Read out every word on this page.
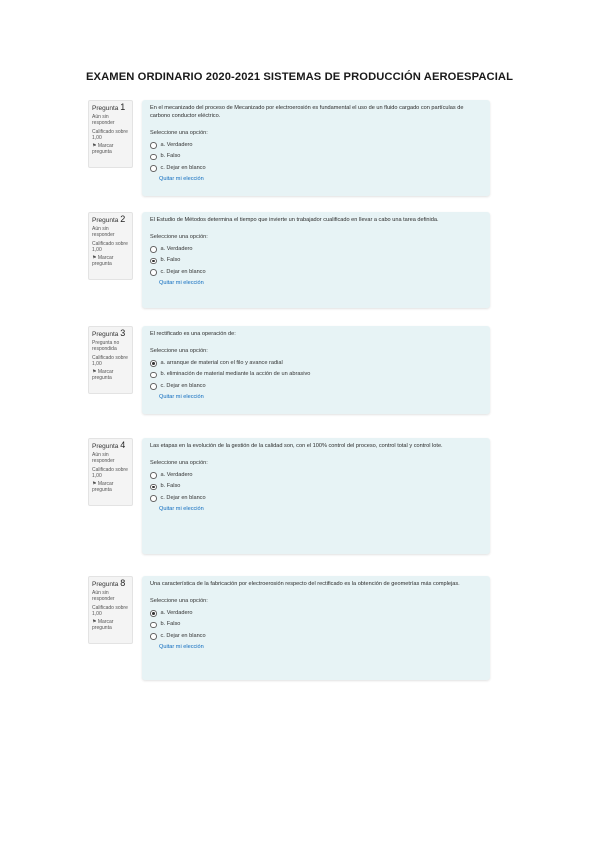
EXAMEN ORDINARIO 2020-2021 SISTEMAS DE PRODUCCIÓN AEROESPACIAL
Pregunta 1
Aún sin responder
Calificado sobre 1,00
⚑ Marcar pregunta

En el mecanizado del proceso de Mecanizado por electroerosión es fundamental el uso de un fluido cargado con partículas de carbono conductor eléctrico.

Seleccione una opción:

a. Verdadero
b. Falso
c. Dejar en blanco
Quitar mi elección
Pregunta 2
Aún sin responder
Calificado sobre 1,00
⚑ Marcar pregunta

El Estudio de Métodos determina el tiempo que invierte un trabajador cualificado en llevar a cabo una tarea definida.

Seleccione una opción:

a. Verdadero
b. Falso
c. Dejar en blanco
Quitar mi elección
Pregunta 3
Pregunta no respondida
Calificado sobre 1,00
⚑ Marcar pregunta

El rectificado es una operación de:

Seleccione una opción:

a. arranque de material con el filo y avance radial
b. eliminación de material mediante la acción de un abrasivo
c. Dejar en blanco
Quitar mi elección
Pregunta 4
Aún sin responder
Calificado sobre 1,00
⚑ Marcar pregunta

Las etapas en la evolución de la gestión de la calidad son, con el 100% control del proceso, control total y control lote.

Seleccione una opción:

a. Verdadero
b. Falso
c. Dejar en blanco
Quitar mi elección
Pregunta 8
Aún sin responder
Calificado sobre 1,00
⚑ Marcar pregunta

Una característica de la fabricación por electroerosión respecto del rectificado es la obtención de geometrías más complejas.

Seleccione una opción:

a. Verdadero
b. Falso
c. Dejar en blanco
Quitar mi elección
